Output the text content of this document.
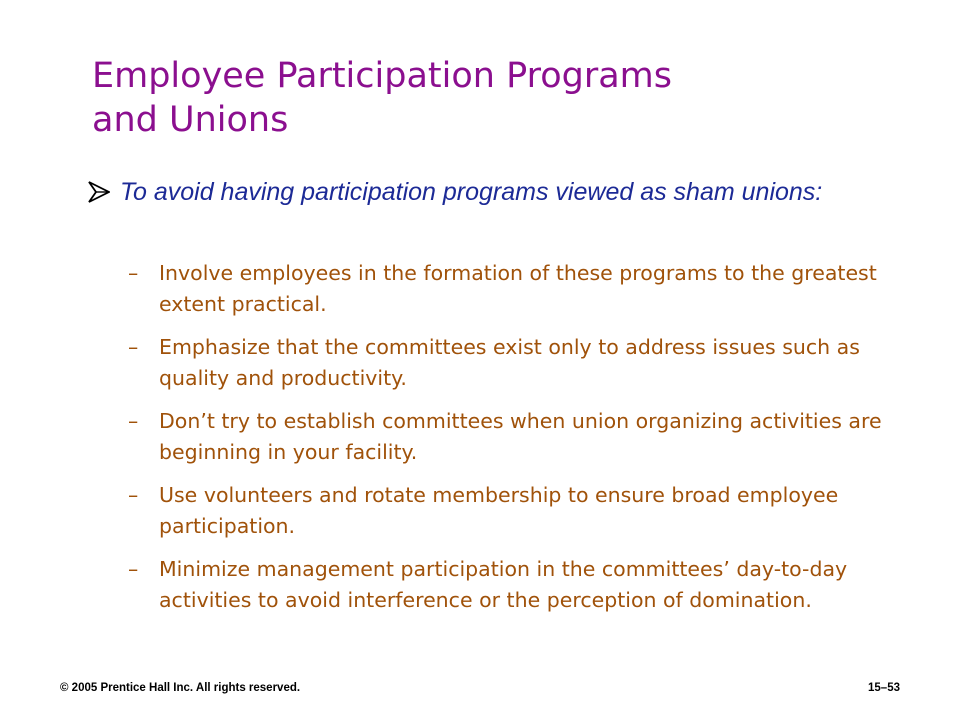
Employee Participation Programs
and Unions
To avoid having participation programs viewed as sham unions:
– Involve employees in the formation of these programs to the greatest extent practical.
– Emphasize that the committees exist only to address issues such as quality and productivity.
– Don’t try to establish committees when union organizing activities are beginning in your facility.
– Use volunteers and rotate membership to ensure broad employee participation.
– Minimize management participation in the committees’ day-to-day activities to avoid interference or the perception of domination.
© 2005 Prentice Hall Inc. All rights reserved.	15–53
